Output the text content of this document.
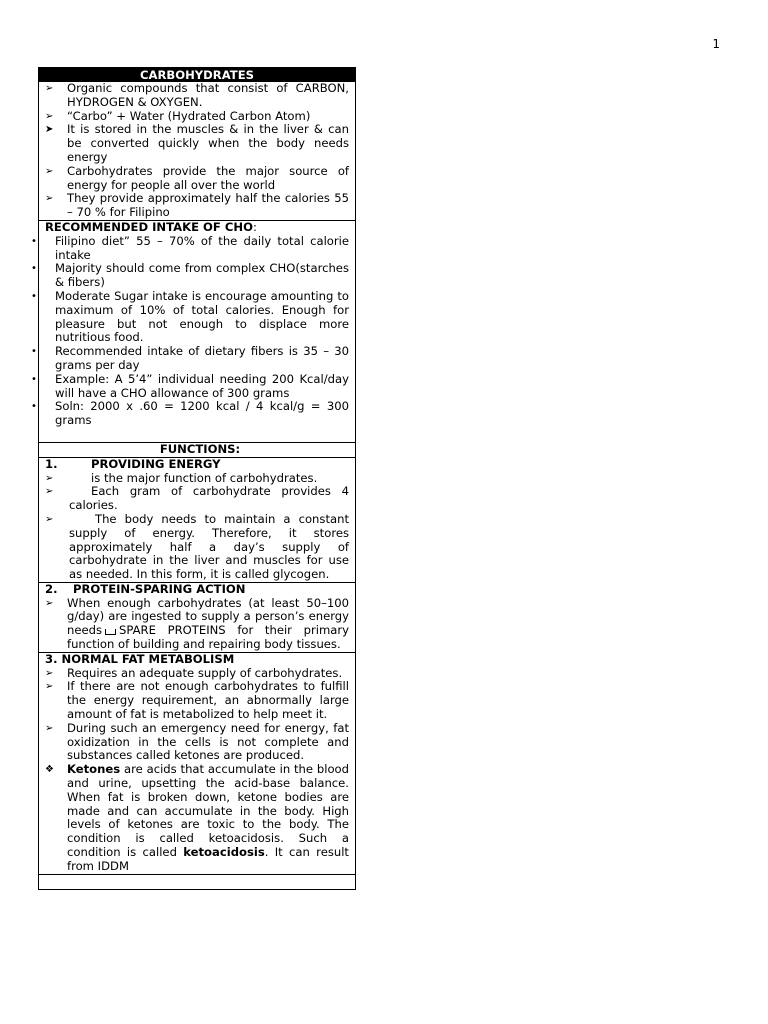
1
CARBOHYDRATES
➢	Organic compounds that consist of CARBON, HYDROGEN & OXYGEN.
➢	“Carbo” + Water (Hydrated Carbon Atom)
➤	It is stored in the muscles & in the liver & can be converted quickly when the body needs energy
➢	Carbohydrates provide the major source of energy for people all over the world
➢	They provide approximately half the calories 55 – 70 % for Filipino
RECOMMENDED INTAKE OF CHO:
•	Filipino diet” 55 – 70% of the daily total calorie intake
•	Majority should come from complex CHO(starches & fibers)
•	Moderate Sugar intake is encourage amounting to maximum of 10% of total calories. Enough for pleasure but not enough to displace more nutritious food.
•	Recommended intake of dietary fibers is 35 – 30 grams per day
•	Example: A 5’4” individual needing 200 Kcal/day will have a CHO allowance of 300 grams
•	Soln: 2000 x .60 = 1200 kcal / 4 kcal/g = 300 grams
FUNCTIONS:
1.	PROVIDING ENERGY
➢	is the major function of carbohydrates.
➢	Each gram of carbohydrate provides 4 calories.
➢	The body needs to maintain a constant supply of energy. Therefore, it stores approximately half a day’s supply of carbohydrate in the liver and muscles for use as needed. In this form, it is called glycogen.
2. PROTEIN-SPARING ACTION
➢	When enough carbohydrates (at least 50–100 g/day) are ingested to supply a person’s energy needs SPARE PROTEINS for their primary function of building and repairing body tissues.
3. NORMAL FAT METABOLISM
➢	Requires an adequate supply of carbohydrates.
➢	If there are not enough carbohydrates to fulfill the energy requirement, an abnormally large amount of fat is metabolized to help meet it.
➢	During such an emergency need for energy, fat oxidization in the cells is not complete and substances called ketones are produced.
❖	Ketones are acids that accumulate in the blood and urine, upsetting the acid-base balance. When fat is broken down, ketone bodies are made and can accumulate in the body. High levels of ketones are toxic to the body. The condition is called ketoacidosis. Such a condition is called ketoacidosis. It can result from IDDM
